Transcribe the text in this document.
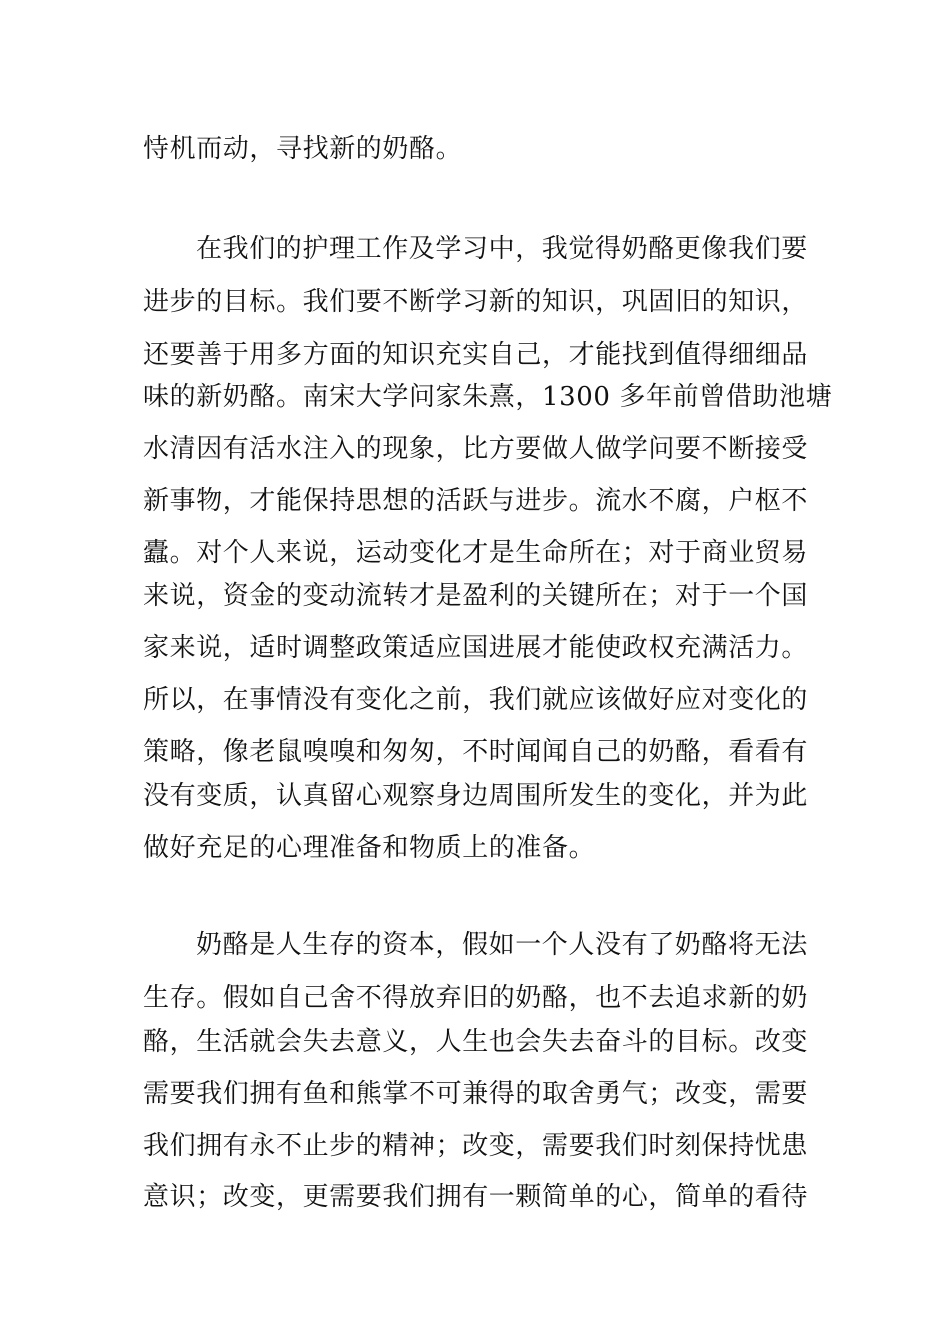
恃机而动，寻找新的奶酪。
在我们的护理工作及学习中，我觉得奶酪更像我们要
进步的目标。我们要不断学习新的知识，巩固旧的知识，
还要善于用多方面的知识充实自己，才能找到值得细细品
味的新奶酪。南宋大学问家朱熹，1300 多年前曾借助池塘
水清因有活水注入的现象，比方要做人做学问要不断接受
新事物，才能保持思想的活跃与进步。流水不腐，户枢不
蠹。对个人来说，运动变化才是生命所在；对于商业贸易
来说，资金的变动流转才是盈利的关键所在；对于一个国
家来说，适时调整政策适应国进展才能使政权充满活力。
所以，在事情没有变化之前，我们就应该做好应对变化的
策略，像老鼠嗅嗅和匆匆，不时闻闻自己的奶酪，看看有
没有变质，认真留心观察身边周围所发生的变化，并为此
做好充足的心理准备和物质上的准备。
奶酪是人生存的资本，假如一个人没有了奶酪将无法
生存。假如自己舍不得放弃旧的奶酪，也不去追求新的奶
酪，生活就会失去意义，人生也会失去奋斗的目标。改变
需要我们拥有鱼和熊掌不可兼得的取舍勇气；改变，需要
我们拥有永不止步的精神；改变，需要我们时刻保持忧患
意识；改变，更需要我们拥有一颗简单的心，简单的看待
